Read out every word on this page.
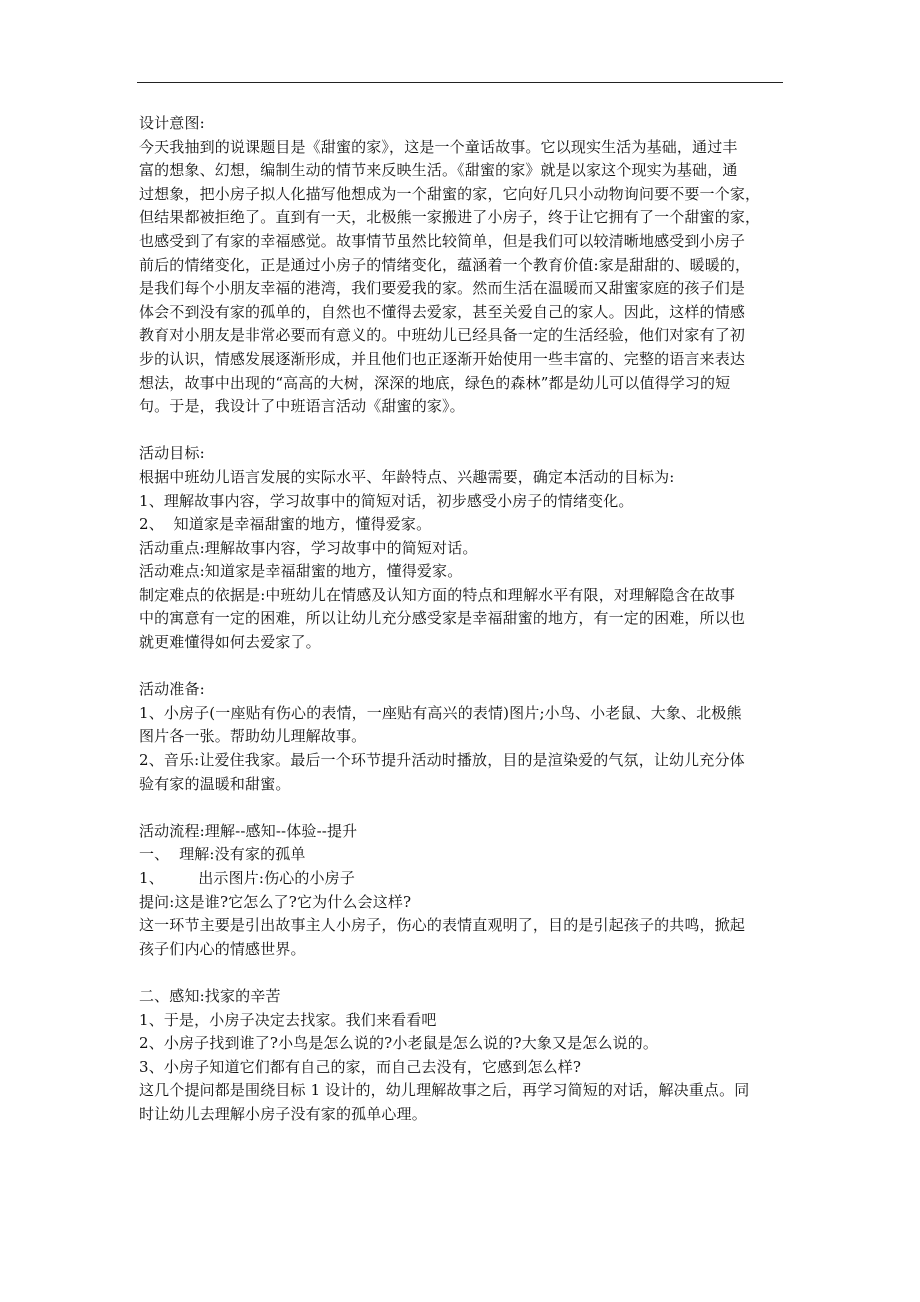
设计意图:
今天我抽到的说课题目是《甜蜜的家》，这是一个童话故事。它以现实生活为基础，通过丰
富的想象、幻想，编制生动的情节来反映生活。《甜蜜的家》就是以家这个现实为基础，通
过想象，把小房子拟人化描写他想成为一个甜蜜的家，它向好几只小动物询问要不要一个家，
但结果都被拒绝了。直到有一天，北极熊一家搬进了小房子，终于让它拥有了一个甜蜜的家，
也感受到了有家的幸福感觉。故事情节虽然比较简单，但是我们可以较清晰地感受到小房子
前后的情绪变化，正是通过小房子的情绪变化，蕴涵着一个教育价值:家是甜甜的、暖暖的，
是我们每个小朋友幸福的港湾，我们要爱我的家。然而生活在温暖而又甜蜜家庭的孩子们是
体会不到没有家的孤单的，自然也不懂得去爱家，甚至关爱自己的家人。因此，这样的情感
教育对小朋友是非常必要而有意义的。中班幼儿已经具备一定的生活经验，他们对家有了初
步的认识，情感发展逐渐形成，并且他们也正逐渐开始使用一些丰富的、完整的语言来表达
想法，故事中出现的“高高的大树，深深的地底，绿色的森林”都是幼儿可以值得学习的短
句。于是，我设计了中班语言活动《甜蜜的家》。
活动目标:
根据中班幼儿语言发展的实际水平、年龄特点、兴趣需要，确定本活动的目标为:
1、理解故事内容，学习故事中的简短对话，初步感受小房子的情绪变化。
2、  知道家是幸福甜蜜的地方，懂得爱家。
活动重点:理解故事内容，学习故事中的简短对话。
活动难点:知道家是幸福甜蜜的地方，懂得爱家。
制定难点的依据是:中班幼儿在情感及认知方面的特点和理解水平有限，对理解隐含在故事
中的寓意有一定的困难，所以让幼儿充分感受家是幸福甜蜜的地方，有一定的困难，所以也
就更难懂得如何去爱家了。
活动准备:
1、小房子(一座贴有伤心的表情，一座贴有高兴的表情)图片;小鸟、小老鼠、大象、北极熊
图片各一张。帮助幼儿理解故事。
2、音乐:让爱住我家。最后一个环节提升活动时播放，目的是渲染爱的气氛，让幼儿充分体
验有家的温暖和甜蜜。
活动流程:理解--感知--体验--提升
一、  理解:没有家的孤单
1、       出示图片:伤心的小房子
提问:这是谁?它怎么了?它为什么会这样?
这一环节主要是引出故事主人小房子，伤心的表情直观明了，目的是引起孩子的共鸣，掀起
孩子们内心的情感世界。
二、感知:找家的辛苦
1、于是，小房子决定去找家。我们来看看吧
2、小房子找到谁了?小鸟是怎么说的?小老鼠是怎么说的?大象又是怎么说的。
3、小房子知道它们都有自己的家，而自己去没有，它感到怎么样?
这几个提问都是围绕目标 1 设计的，幼儿理解故事之后，再学习简短的对话，解决重点。同
时让幼儿去理解小房子没有家的孤单心理。
